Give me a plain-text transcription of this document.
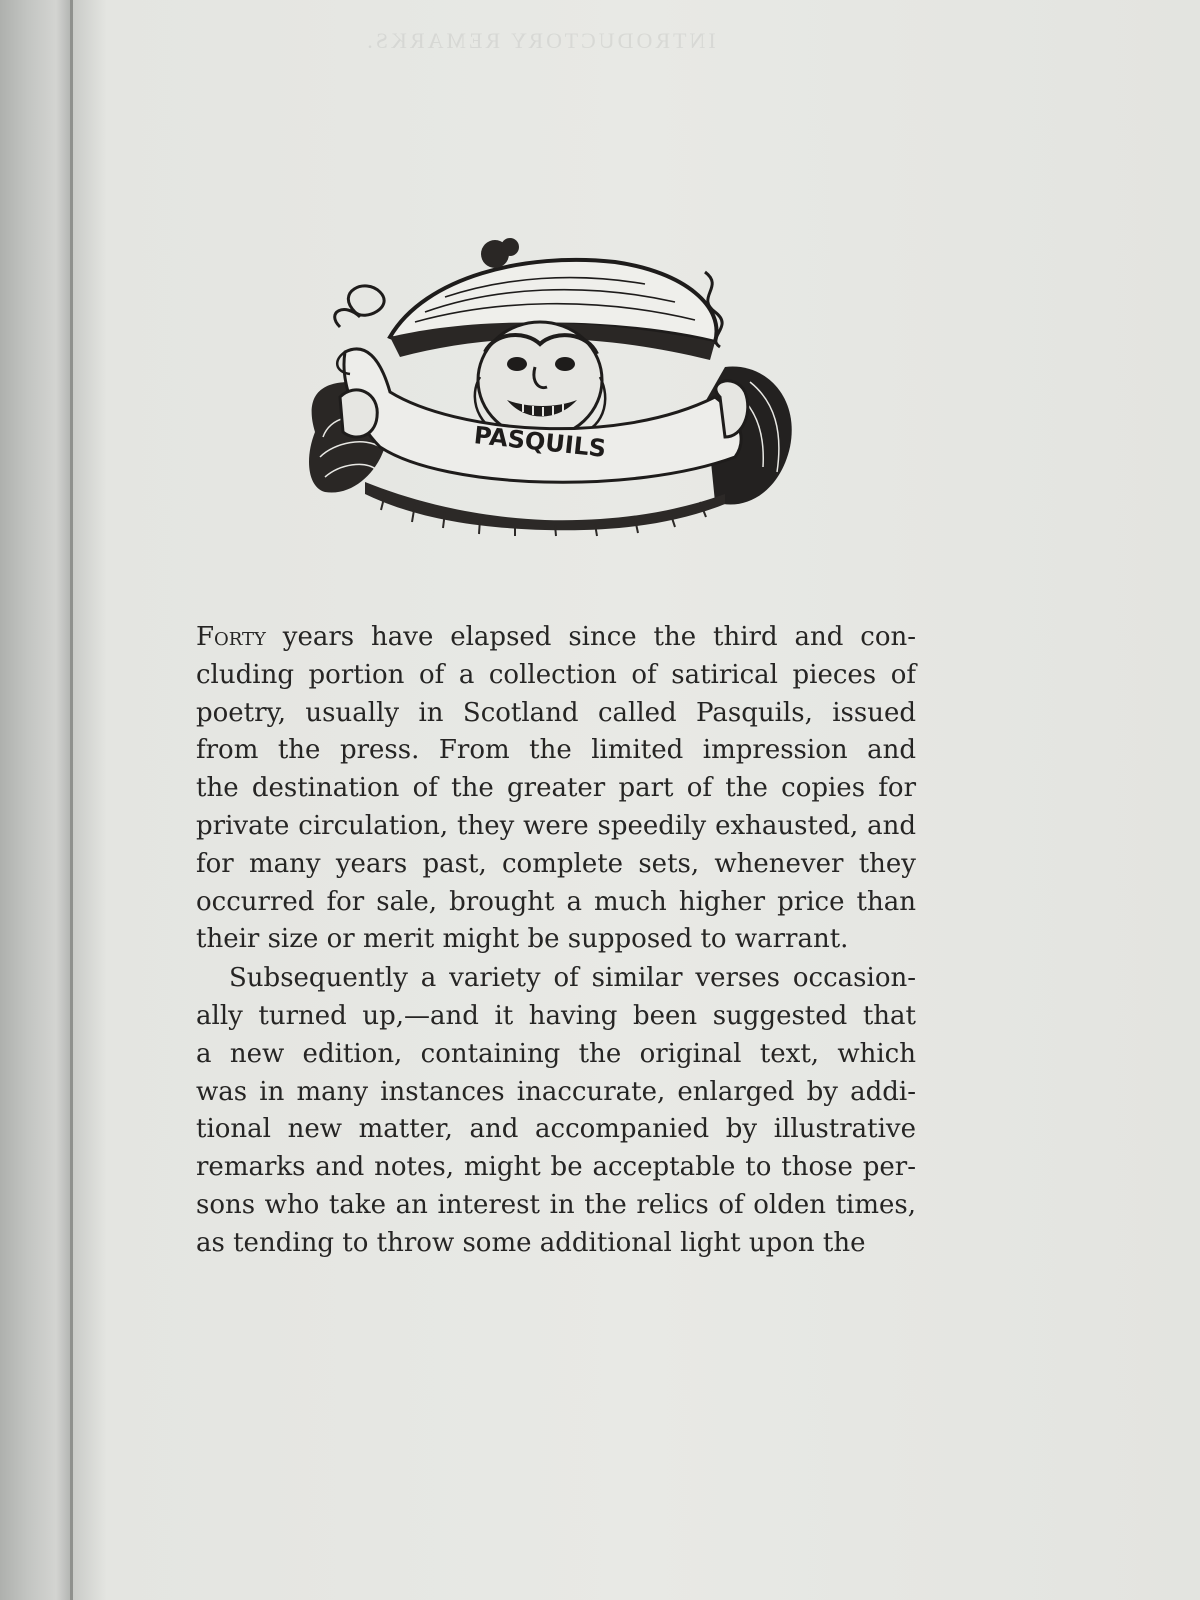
INTRODUCTORY REMARKS.
PASQUILS
Forty years have elapsed since the third and con-
cluding portion of a collection of satirical pieces of
poetry, usually in Scotland called Pasquils, issued
from the press. From the limited impression and
the destination of the greater part of the copies for
private circulation, they were speedily exhausted, and
for many years past, complete sets, whenever they
occurred for sale, brought a much higher price than
their size or merit might be supposed to warrant.
Subsequently a variety of similar verses occasion-
ally turned up,—and it having been suggested that
a new edition, containing the original text, which
was in many instances inaccurate, enlarged by addi-
tional new matter, and accompanied by illustrative
remarks and notes, might be acceptable to those per-
sons who take an interest in the relics of olden times,
as tending to throw some additional light upon the
